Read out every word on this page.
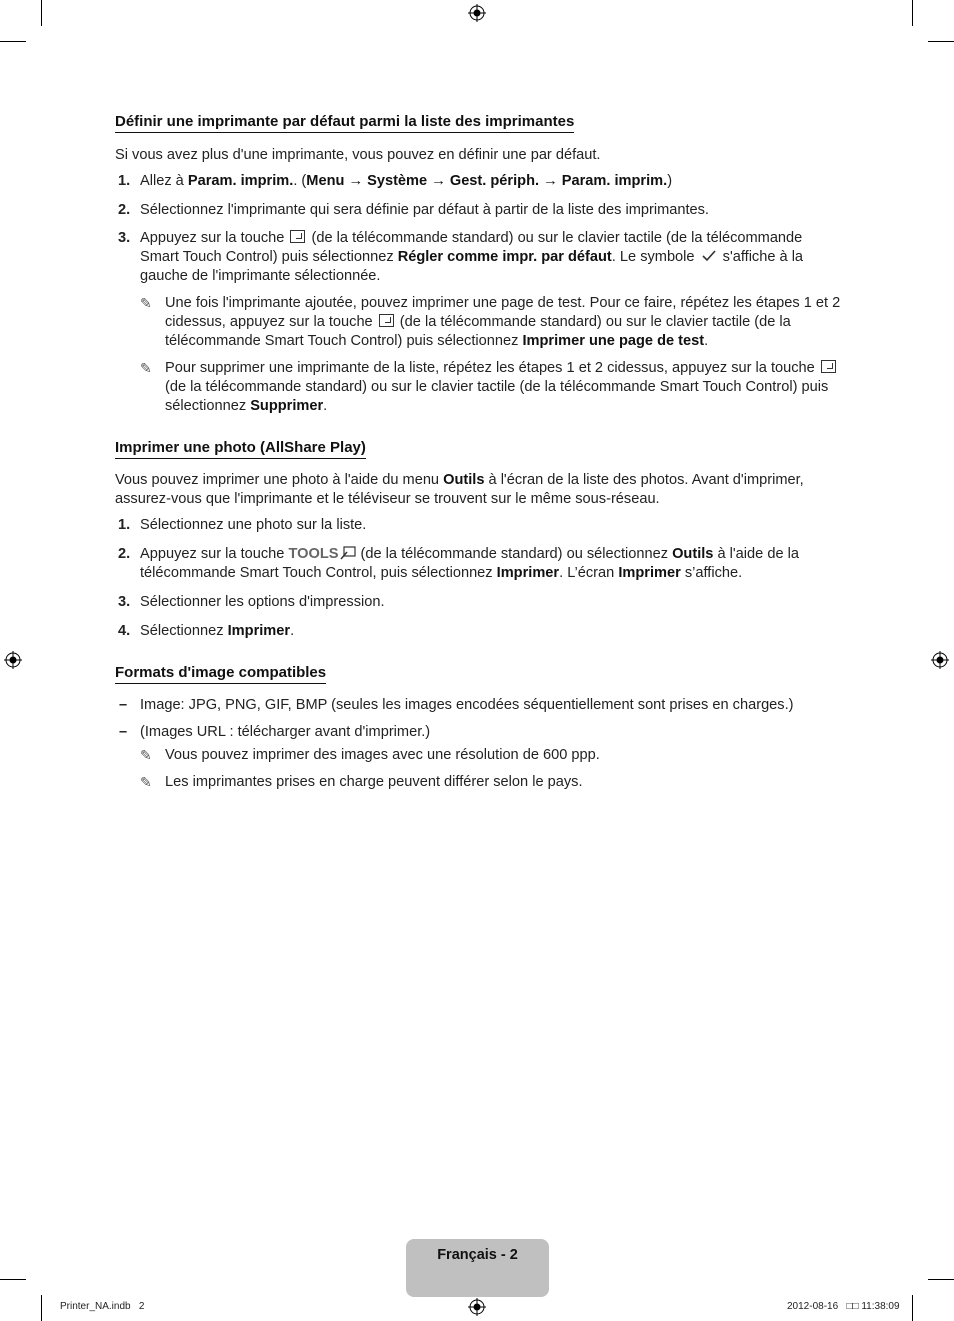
Définir une imprimante par défaut parmi la liste des imprimantes

Si vous avez plus d'une imprimante, vous pouvez en définir une par défaut.

1. Allez à Param. imprim.. (Menu → Système → Gest. périph. → Param. imprim.)
2. Sélectionnez l'imprimante qui sera définie par défaut à partir de la liste des imprimantes.
3. Appuyez sur la touche  (de la télécommande standard) ou sur le clavier tactile (de la télécommande Smart Touch Control) puis sélectionnez Régler comme impr. par défaut. Le symbole  s'affiche à la gauche de l'imprimante sélectionnée.
✎ Une fois l'imprimante ajoutée, pouvez imprimer une page de test. Pour ce faire, répétez les étapes 1 et 2 cidessus, appuyez sur la touche  (de la télécommande standard) ou sur le clavier tactile (de la télécommande Smart Touch Control) puis sélectionnez Imprimer une page de test.
✎ Pour supprimer une imprimante de la liste, répétez les étapes 1 et 2 cidessus, appuyez sur la touche  (de la télécommande standard) ou sur le clavier tactile (de la télécommande Smart Touch Control) puis sélectionnez Supprimer.
Imprimer une photo (AllShare Play)

Vous pouvez imprimer une photo à l'aide du menu Outils à l'écran de la liste des photos. Avant d'imprimer, assurez-vous que l'imprimante et le téléviseur se trouvent sur le même sous-réseau.

1. Sélectionnez une photo sur la liste.
2. Appuyez sur la touche TOOLS (de la télécommande standard) ou sélectionnez Outils à l'aide de la télécommande Smart Touch Control, puis sélectionnez Imprimer. L’écran Imprimer s’affiche.
3. Sélectionner les options d'impression.
4. Sélectionnez Imprimer.
Formats d'image compatibles
– Image: JPG, PNG, GIF, BMP (seules les images encodées séquentiellement sont prises en charges.)
– (Images URL : télécharger avant d'imprimer.)
✎ Vous pouvez imprimer des images avec une résolution de 600 ppp.
✎ Les imprimantes prises en charge peuvent différer selon le pays.
Français - 2
Printer_NA.indb   2	2012-08-16   □□ 11:38:09
